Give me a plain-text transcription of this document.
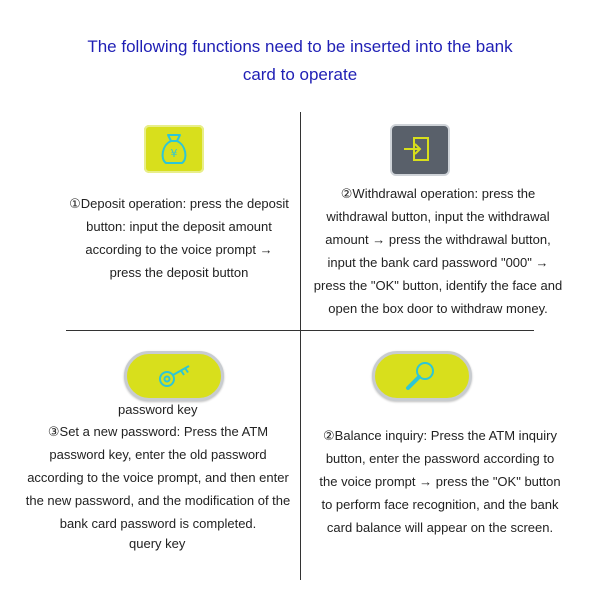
The following functions need to be inserted into the bank
card to operate
¥
①Deposit operation: press the deposit
button: input the deposit amount
according to the voice prompt →
press the deposit button
②Withdrawal operation: press the
withdrawal button, input the withdrawal
amount → press the withdrawal button,
input the bank card password "000" →
press the "OK" button, identify the face and
open the box door to withdraw money.
password key
③Set a new password: Press the ATM
password key, enter the old password
according to the voice prompt, and then enter
the new password, and the modification of the
bank card password is completed.
query key
②Balance inquiry: Press the ATM inquiry
button, enter the password according to
the voice prompt → press the "OK" button
to perform face recognition, and the bank
card balance will appear on the screen.
